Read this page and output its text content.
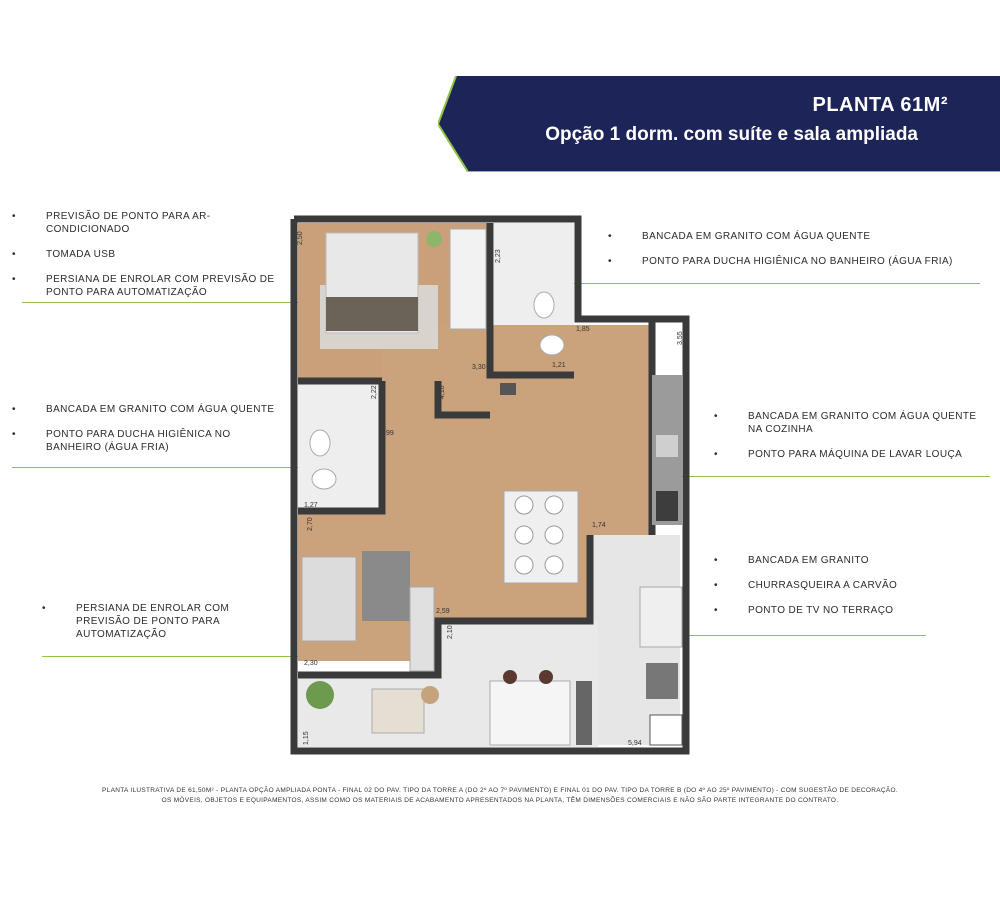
PLANTA 61M²
Opção 1 dorm. com suíte e sala ampliada
•	PREVISÃO DE PONTO PARA AR-CONDICIONADO
•	TOMADA USB
•	PERSIANA DE ENROLAR COM PREVISÃO DE PONTO PARA AUTOMATIZAÇÃO
•	BANCADA EM GRANITO COM ÁGUA QUENTE
•	PONTO PARA DUCHA HIGIÊNICA NO BANHEIRO (ÁGUA FRIA)
•	PERSIANA DE ENROLAR COM PREVISÃO DE PONTO PARA AUTOMATIZAÇÃO
•	BANCADA EM GRANITO COM ÁGUA QUENTE
•	PONTO PARA DUCHA HIGIÊNICA NO BANHEIRO (ÁGUA FRIA)
•	BANCADA EM GRANITO COM ÁGUA QUENTE NA COZINHA
•	PONTO PARA MÁQUINA DE LAVAR LOUÇA
•	BANCADA EM GRANITO
•	CHURRASQUEIRA A CARVÃO
•	PONTO DE TV NO TERRAÇO
2,50
2,23
3,30
1,85
3,55
1,21
4,10
2,22
,99
1,27
2,70	1,74
2,59
2,10
2,30
1,15	5,94
PLANTA ILUSTRATIVA DE 61,50M² - PLANTA OPÇÃO AMPLIADA PONTA - FINAL 02 DO PAV. TIPO DA TORRE A (DO 2º AO 7º PAVIMENTO) E FINAL 01 DO PAV. TIPO DA TORRE B (DO 4º AO 25º PAVIMENTO) - COM SUGESTÃO DE DECORAÇÃO.
OS MÓVEIS, OBJETOS E EQUIPAMENTOS, ASSIM COMO OS MATERIAIS DE ACABAMENTO APRESENTADOS NA PLANTA, TÊM DIMENSÕES COMERCIAIS E NÃO SÃO PARTE INTEGRANTE DO CONTRATO.
